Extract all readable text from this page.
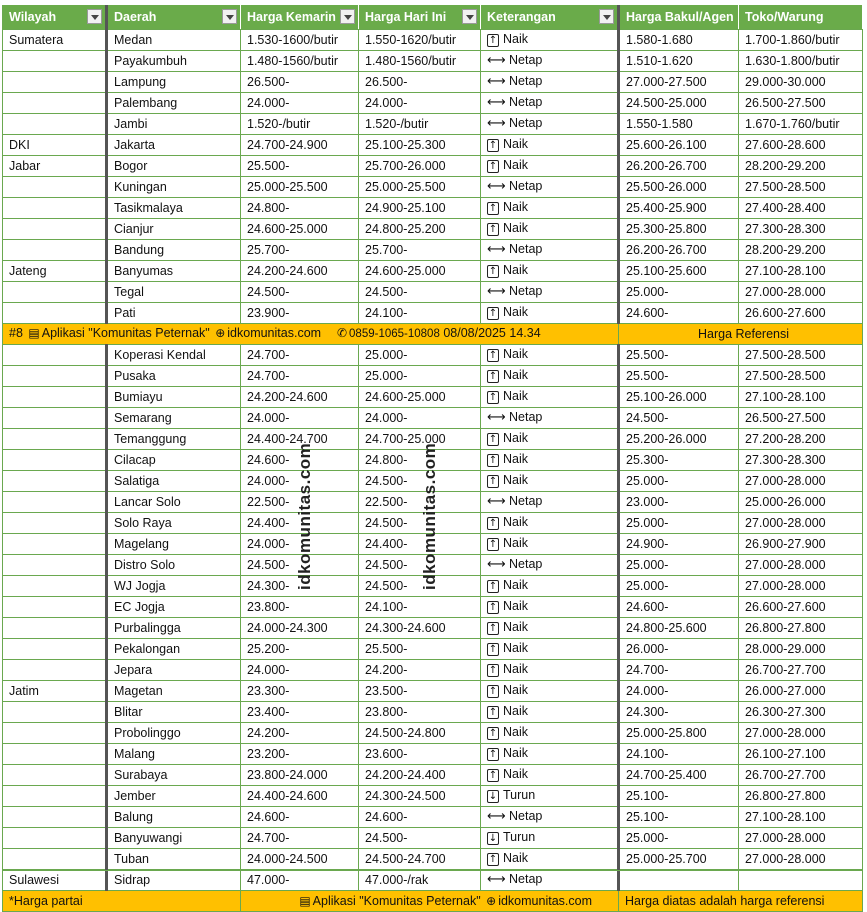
Wilayah	Daerah	Harga Kemarin	Harga Hari Ini	Keterangan	Harga Bakul/Agen	Toko/Warung
Sumatera	Medan	1.530-1600/butir	1.550-1620/butir	↑ Naik	1.580-1.680	1.700-1.860/butir
	Payakumbuh	1.480-1560/butir	1.480-1560/butir	⟷ Netap	1.510-1.620	1.630-1.800/butir
	Lampung	26.500-	26.500-	⟷ Netap	27.000-27.500	29.000-30.000
	Palembang	24.000-	24.000-	⟷ Netap	24.500-25.000	26.500-27.500
	Jambi	1.520-/butir	1.520-/butir	⟷ Netap	1.550-1.580	1.670-1.760/butir
DKI	Jakarta	24.700-24.900	25.100-25.300	↑ Naik	25.600-26.100	27.600-28.600
Jabar	Bogor	25.500-	25.700-26.000	↑ Naik	26.200-26.700	28.200-29.200
	Kuningan	25.000-25.500	25.000-25.500	⟷ Netap	25.500-26.000	27.500-28.500
	Tasikmalaya	24.800-	24.900-25.100	↑ Naik	25.400-25.900	27.400-28.400
	Cianjur	24.600-25.000	24.800-25.200	↑ Naik	25.300-25.800	27.300-28.300
	Bandung	25.700-	25.700-	⟷ Netap	26.200-26.700	28.200-29.200
Jateng	Banyumas	24.200-24.600	24.600-25.000	↑ Naik	25.100-25.600	27.100-28.100
	Tegal	24.500-	24.500-	⟷ Netap	25.000-	27.000-28.000
	Pati	23.900-	24.100-	↑ Naik	24.600-	26.600-27.600
#8 ▤ Aplikasi "Komunitas Peternak" ⊕ idkomunitas.com ✆ 0859-1065-10808 08/08/2025 14.34					Harga Referensi	
	Koperasi Kendal	24.700-	25.000-	↑ Naik	25.500-	27.500-28.500
	Pusaka	24.700-	25.000-	↑ Naik	25.500-	27.500-28.500
	Bumiayu	24.200-24.600	24.600-25.000	↑ Naik	25.100-26.000	27.100-28.100
	Semarang	24.000-	24.000-	⟷ Netap	24.500-	26.500-27.500
	Temanggung	24.400-24.700	24.700-25.000	↑ Naik	25.200-26.000	27.200-28.200
	Cilacap	24.600-	24.800-	↑ Naik	25.300-	27.300-28.300
	Salatiga	24.000-	24.500-	↑ Naik	25.000-	27.000-28.000
	Lancar Solo	22.500-	22.500-	⟷ Netap	23.000-	25.000-26.000
	Solo Raya	24.400-	24.500-	↑ Naik	25.000-	27.000-28.000
	Magelang	24.000-	24.400-	↑ Naik	24.900-	26.900-27.900
	Distro Solo	24.500-	24.500-	⟷ Netap	25.000-	27.000-28.000
	WJ Jogja	24.300-	24.500-	↑ Naik	25.000-	27.000-28.000
	EC Jogja	23.800-	24.100-	↑ Naik	24.600-	26.600-27.600
	Purbalingga	24.000-24.300	24.300-24.600	↑ Naik	24.800-25.600	26.800-27.800
	Pekalongan	25.200-	25.500-	↑ Naik	26.000-	28.000-29.000
	Jepara	24.000-	24.200-	↑ Naik	24.700-	26.700-27.700
Jatim	Magetan	23.300-	23.500-	↑ Naik	24.000-	26.000-27.000
	Blitar	23.400-	23.800-	↑ Naik	24.300-	26.300-27.300
	Probolinggo	24.200-	24.500-24.800	↑ Naik	25.000-25.800	27.000-28.000
	Malang	23.200-	23.600-	↑ Naik	24.100-	26.100-27.100
	Surabaya	23.800-24.000	24.200-24.400	↑ Naik	24.700-25.400	26.700-27.700
	Jember	24.400-24.600	24.300-24.500	↓ Turun	25.100-	26.800-27.800
	Balung	24.600-	24.600-	⟷ Netap	25.100-	27.100-28.100
	Banyuwangi	24.700-	24.500-	↓ Turun	25.000-	27.000-28.000
	Tuban	24.000-24.500	24.500-24.700	↑ Naik	25.000-25.700	27.000-28.000
Sulawesi	Sidrap	47.000-	47.000-/rak	⟷ Netap		
*Harga partai		▤ Aplikasi "Komunitas Peternak" ⊕ idkomunitas.com			Harga diatas adalah harga referensi	
idkomunitas.com	idkomunitas.com
